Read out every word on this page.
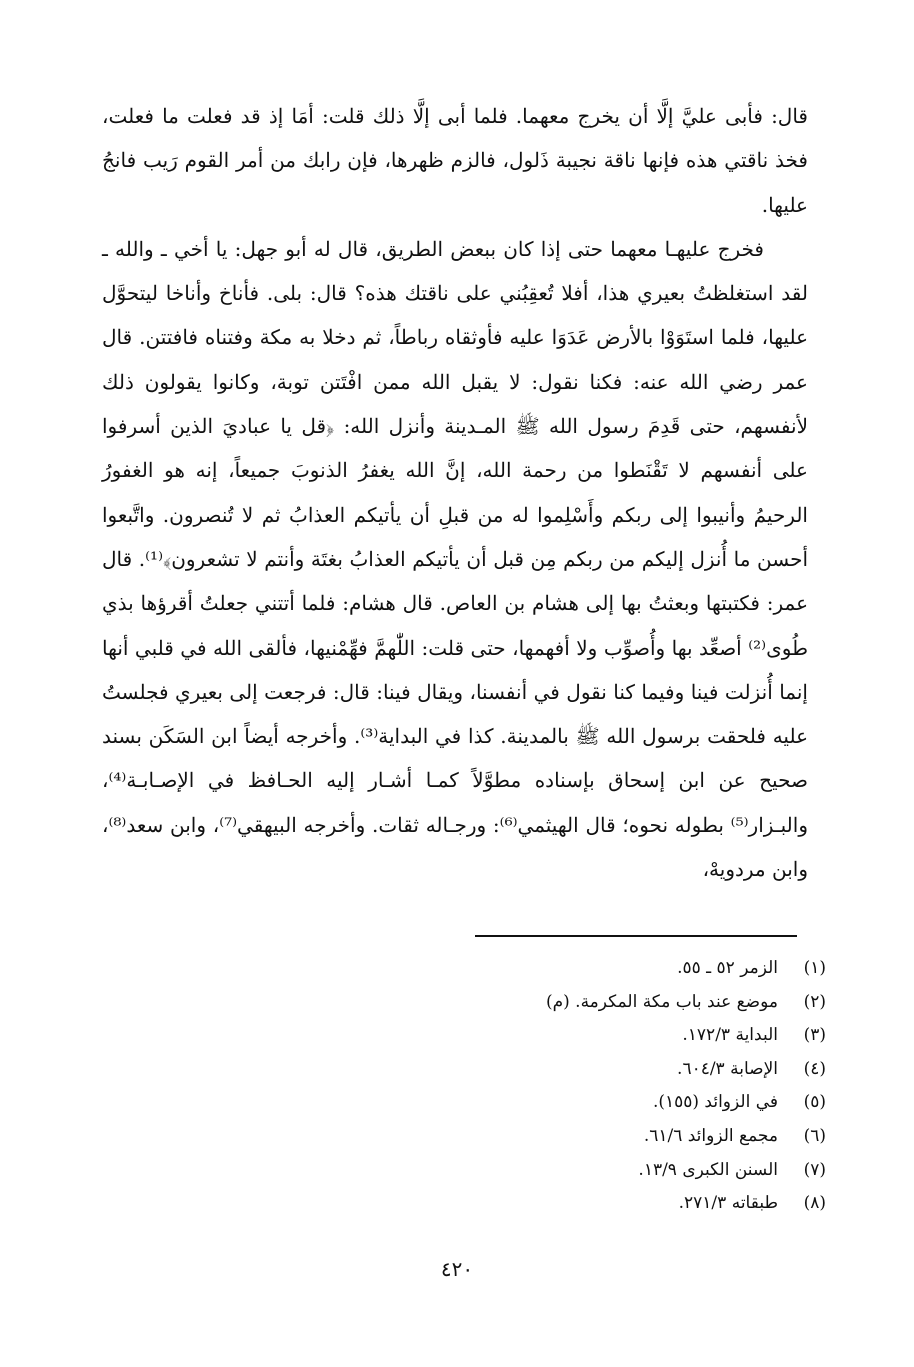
قال: فأبى عليَّ إلَّا أن يخرج معهما. فلما أبى إلَّا ذلك قلت: أمَا إذ قد فعلت ما فعلت، فخذ ناقتي هذه فإنها ناقة نجيبة ذَلول، فالزم ظهرها، فإن رابك من أمر القوم رَيب فانجُ عليها.

فخرج عليهـا معهما حتى إذا كان ببعض الطريق، قال له أبو جهل: يا أخي ـ والله ـ لقد استغلظتُ بعيري هذا، أفلا تُعقِبُني على ناقتك هذه؟ قال: بلى. فأناخ وأناخا ليتحوَّل عليها، فلما استَوَوْا بالأرض عَدَوَا عليه فأوثقاه رباطاً، ثم دخلا به مكة وفتناه فافتتن. قال عمر رضي الله عنه: فكنا نقول: لا يقبل الله ممن افْتَتن توبة، وكانوا يقولون ذلك لأنفسهم، حتى قَدِمَ رسول الله ﷺ المـدينة وأنزل الله: ﴿قل يا عباديَ الذين أسرفوا على أنفسهم لا تَقْنَطوا من رحمة الله، إنَّ الله يغفرُ الذنوبَ جميعاً، إنه هو الغفورُ الرحيمُ وأنيبوا إلى ربكم وأَسْلِموا له من قبلِ أن يأتيكم العذابُ ثم لا تُنصرون. واتَّبعوا أحسن ما أُنزل إليكم من ربكم مِن قبل أن يأتيكم العذابُ بغتَة وأنتم لا تشعرون﴾⁽¹⁾. قال عمر: فكتبتها وبعثتُ بها إلى هشام بن العاص. قال هشام: فلما أتتني جعلتُ أقرؤها بذي طُوى⁽²⁾ أصعِّد بها وأُصوِّب ولا أفهمها، حتى قلت: اللّٰهمَّ فهِّمْنيها، فألقى الله في قلبي أنها إنما أُنزلت فينا وفيما كنا نقول في أنفسنا، ويقال فينا: قال: فرجعت إلى بعيري فجلستُ عليه فلحقت برسول الله ﷺ بالمدينة. كذا في البداية⁽³⁾. وأخرجه أيضاً ابن السَكَن بسند صحيح عن ابن إسحاق بإسناده مطوَّلاً كمـا أشـار إليه الحـافظ في الإصـابـة⁽⁴⁾، والبـزار⁽⁵⁾ بطوله نحوه؛ قال الهيثمي⁽⁶⁾: ورجـاله ثقات. وأخرجه البيهقي⁽⁷⁾، وابن سعد⁽⁸⁾، وابن مردويهْ،

(١)الزمر ٥٢ ـ ٥٥.
(٢)موضع عند باب مكة المكرمة. (م)
(٣)البداية ١٧٢/٣.
(٤)الإصابة ٦٠٤/٣.
(٥)في الزوائد (١٥٥).
(٦)مجمع الزوائد ٦١/٦.
(٧)السنن الكبرى ١٣/٩.
(٨)طبقاته ٢٧١/٣.
٤٢٠
